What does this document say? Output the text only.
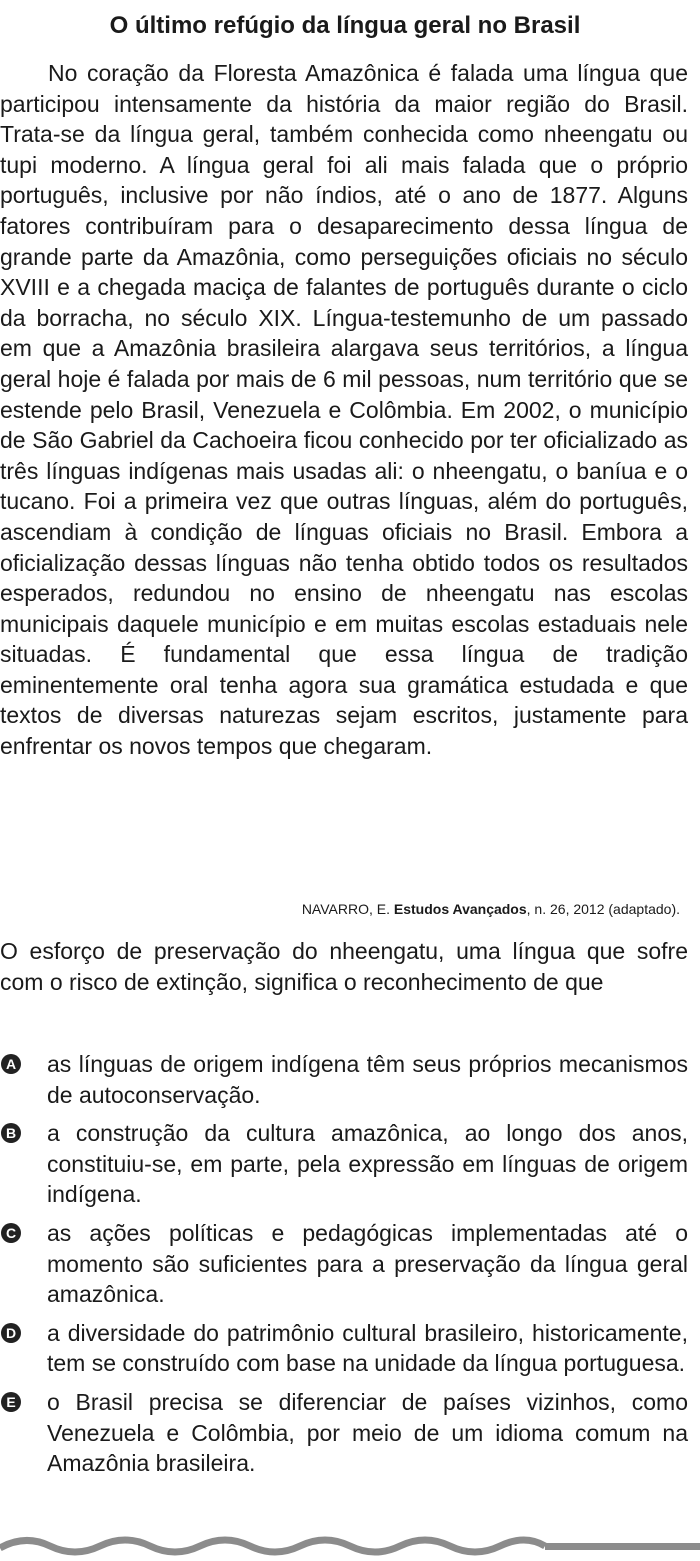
O último refúgio da língua geral no Brasil

No coração da Floresta Amazônica é falada uma língua que participou intensamente da história da maior região do Brasil. Trata-se da língua geral, também conhecida como nheengatu ou tupi moderno. A língua geral foi ali mais falada que o próprio português, inclusive por não índios, até o ano de 1877. Alguns fatores contribuíram para o desaparecimento dessa língua de grande parte da Amazônia, como perseguições oficiais no século XVIII e a chegada maciça de falantes de português durante o ciclo da borracha, no século XIX. Língua-testemunho de um passado em que a Amazônia brasileira alargava seus territórios, a língua geral hoje é falada por mais de 6 mil pessoas, num território que se estende pelo Brasil, Venezuela e Colômbia. Em 2002, o município de São Gabriel da Cachoeira ficou conhecido por ter oficializado as três línguas indígenas mais usadas ali: o nheengatu, o baníua e o tucano. Foi a primeira vez que outras línguas, além do português, ascendiam à condição de línguas oficiais no Brasil. Embora a oficialização dessas línguas não tenha obtido todos os resultados esperados, redundou no ensino de nheengatu nas escolas municipais daquele município e em muitas escolas estaduais nele situadas. É fundamental que essa língua de tradição eminentemente oral tenha agora sua gramática estudada e que textos de diversas naturezas sejam escritos, justamente para enfrentar os novos tempos que chegaram.

NAVARRO, E. Estudos Avançados, n. 26, 2012 (adaptado).

O esforço de preservação do nheengatu, uma língua que sofre com o risco de extinção, significa o reconhecimento de que

A as línguas de origem indígena têm seus próprios mecanismos de autoconservação.
B a construção da cultura amazônica, ao longo dos anos, constituiu-se, em parte, pela expressão em línguas de origem indígena.
C as ações políticas e pedagógicas implementadas até o momento são suficientes para a preservação da língua geral amazônica.
D a diversidade do patrimônio cultural brasileiro, historicamente, tem se construído com base na unidade da língua portuguesa.
E o Brasil precisa se diferenciar de países vizinhos, como Venezuela e Colômbia, por meio de um idioma comum na Amazônia brasileira.
